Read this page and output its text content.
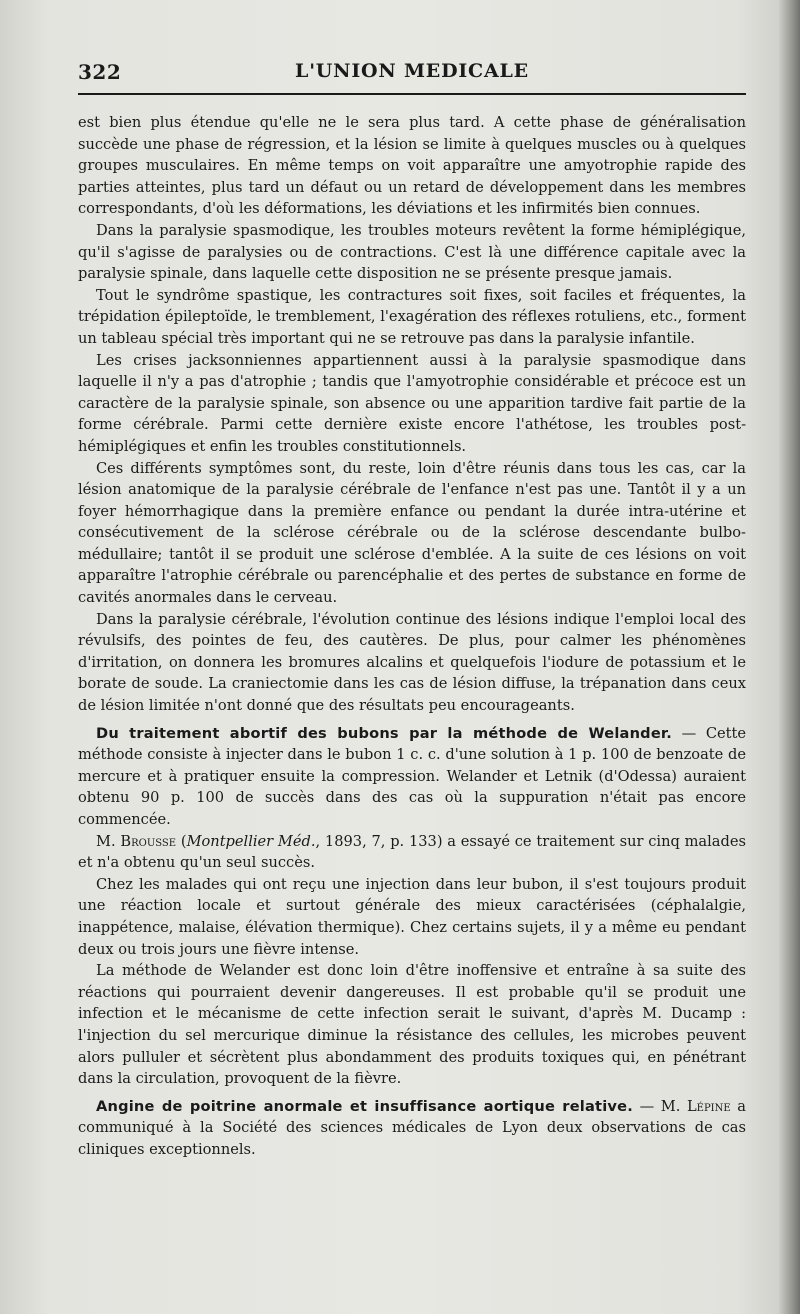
322	L'UNION MEDICALE

est bien plus étendue qu'elle ne le sera plus tard. A cette phase de généralisation succède une phase de régression, et la lésion se limite à quelques muscles ou à quelques groupes musculaires. En même temps on voit apparaître une amyotrophie rapide des parties atteintes, plus tard un défaut ou un retard de développement dans les membres correspondants, d'où les déformations, les déviations et les infirmités bien connues.

Dans la paralysie spasmodique, les troubles moteurs revêtent la forme hémiplégique, qu'il s'agisse de paralysies ou de contractions. C'est là une différence capitale avec la paralysie spinale, dans laquelle cette disposition ne se présente presque jamais.

Tout le syndrôme spastique, les contractures soit fixes, soit faciles et fréquentes, la trépidation épileptoïde, le tremblement, l'exagération des réflexes rotuliens, etc., forment un tableau spécial très important qui ne se retrouve pas dans la paralysie infantile.

Les crises jacksonniennes appartiennent aussi à la paralysie spasmodique dans laquelle il n'y a pas d'atrophie ; tandis que l'amyotrophie considérable et précoce est un caractère de la paralysie spinale, son absence ou une apparition tardive fait partie de la forme cérébrale. Parmi cette dernière existe encore l'athétose, les troubles post-hémiplégiques et enfin les troubles constitutionnels.

Ces différents symptômes sont, du reste, loin d'être réunis dans tous les cas, car la lésion anatomique de la paralysie cérébrale de l'enfance n'est pas une. Tantôt il y a un foyer hémorrhagique dans la première enfance ou pendant la durée intra-utérine et consécutivement de la sclérose cérébrale ou de la sclérose descendante bulbo-médullaire; tantôt il se produit une sclérose d'emblée. A la suite de ces lésions on voit apparaître l'atrophie cérébrale ou parencéphalie et des pertes de substance en forme de cavités anormales dans le cerveau.

Dans la paralysie cérébrale, l'évolution continue des lésions indique l'emploi local des révulsifs, des pointes de feu, des cautères. De plus, pour calmer les phénomènes d'irritation, on donnera les bromures alcalins et quelquefois l'iodure de potassium et le borate de soude. La craniectomie dans les cas de lésion diffuse, la trépanation dans ceux de lésion limitée n'ont donné que des résultats peu encourageants.

Du traitement abortif des bubons par la méthode de Welander. — Cette méthode consiste à injecter dans le bubon 1 c. c. d'une solution à 1 p. 100 de benzoate de mercure et à pratiquer ensuite la compression. Welander et Letnik (d'Odessa) auraient obtenu 90 p. 100 de succès dans des cas où la suppuration n'était pas encore commencée.

M. Brousse (Montpellier Méd., 1893, 7, p. 133) a essayé ce traitement sur cinq malades et n'a obtenu qu'un seul succès.

Chez les malades qui ont reçu une injection dans leur bubon, il s'est toujours produit une réaction locale et surtout générale des mieux caractérisées (céphalalgie, inappétence, malaise, élévation thermique). Chez certains sujets, il y a même eu pendant deux ou trois jours une fièvre intense.

La méthode de Welander est donc loin d'être inoffensive et entraîne à sa suite des réactions qui pourraient devenir dangereuses. Il est probable qu'il se produit une infection et le mécanisme de cette infection serait le suivant, d'après M. Ducamp : l'injection du sel mercurique diminue la résistance des cellules, les microbes peuvent alors pulluler et sécrètent plus abondamment des produits toxiques qui, en pénétrant dans la circulation, provoquent de la fièvre.

Angine de poitrine anormale et insuffisance aortique relative. — M. Lépine a communiqué à la Société des sciences médicales de Lyon deux observations de cas cliniques exceptionnels.
